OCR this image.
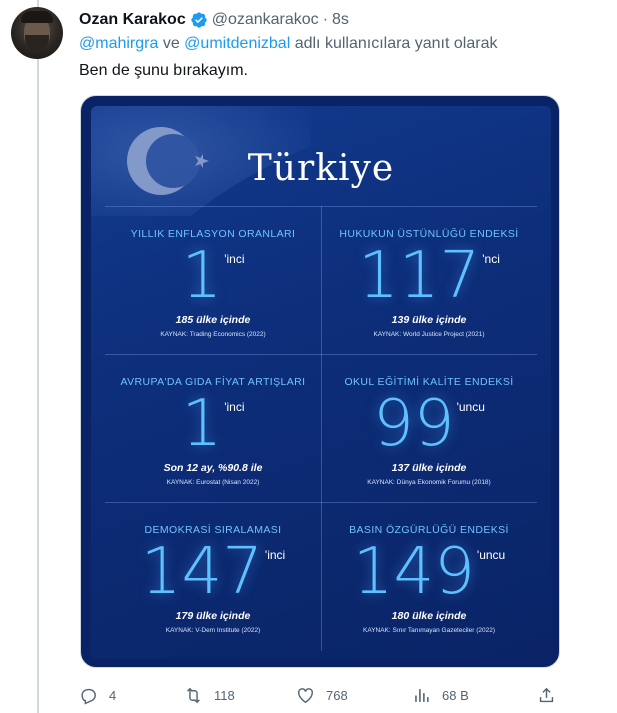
Ozan Karakoc @ozankarakoc · 8s
@mahirgra ve @umitdenizbal adlı kullanıcılara yanıt olarak
Ben de şunu bırakayım.
Türkiye
YILLIK ENFLASYON ORANLARI
1 'inci
185 ülke içinde
KAYNAK: Trading Economics (2022)
HUKUKUN ÜSTÜNLÜĞÜ ENDEKSİ
117 'nci
139 ülke içinde
KAYNAK: World Justice Project (2021)
AVRUPA'DA GIDA FİYAT ARTIŞLARI
1 'inci
Son 12 ay, %90.8 ile
KAYNAK: Eurostat (Nisan 2022)
OKUL EĞİTİMİ KALİTE ENDEKSİ
99 'uncu
137 ülke içinde
KAYNAK: Dünya Ekonomik Forumu (2018)
DEMOKRASİ SIRALAMASI
147 'inci
179 ülke içinde
KAYNAK: V-Dem Institute (2022)
BASIN ÖZGÜRLÜĞÜ ENDEKSİ
149 'uncu
180 ülke içinde
KAYNAK: Sınır Tanımayan Gazeteciler (2022)
4	118	768	68 B
